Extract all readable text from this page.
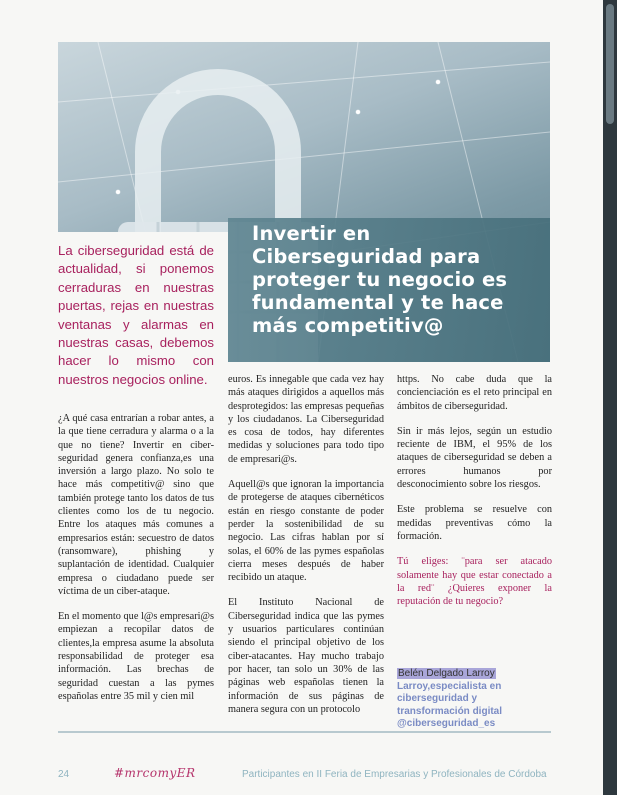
Invertir en Ciberseguridad para proteger tu negocio es fundamental y te hace más competitiv@
La ciberseguridad está de actualidad, si ponemos cerraduras en nuestras puertas, rejas en nuestras ventanas y alarmas en nuestras casas, debemos hacer lo mismo con nuestros negocios online.

¿A qué casa entrarían a robar antes, a la que tiene cerradura y alarma o a la que no tiene? Invertir en ciber-seguridad genera confianza,es una inversión a largo plazo. No solo te hace más competitiv@ sino que también protege tanto los datos de tus clientes como los de tu negocio. Entre los ataques más comunes a empresarios están: secuestro de datos (ransomware), phishing y suplantación de identidad. Cualquier empresa o ciudadano puede ser víctima de un ciber-ataque.

En el momento que l@s empresari@s empiezan a recopilar datos de clientes,la empresa asume la absoluta responsabilidad de proteger esa información. Las brechas de seguridad cuestan a las pymes españolas entre 35 mil y cien mil

euros. Es innegable que cada vez hay más ataques dirigidos a aquellos más desprotegidos: las empresas pequeñas y los ciudadanos. La Ciberseguridad es cosa de todos, hay diferentes medidas y soluciones para todo tipo de empresari@s.

Aquell@s que ignoran la importancia de protegerse de ataques cibernéticos están en riesgo constante de poder perder la sostenibilidad de su negocio. Las cifras hablan por sí solas, el 60% de las pymes españolas cierra meses después de haber recibido un ataque.

El Instituto Nacional de Ciberseguridad indica que las pymes y usuarios particulares continúan siendo el principal objetivo de los ciber-atacantes. Hay mucho trabajo por hacer, tan solo un 30% de las páginas web españolas tienen la información de sus páginas de manera segura con un protocolo

https. No cabe duda que la concienciación es el reto principal en ámbitos de ciberseguridad.

Sin ir más lejos, según un estudio reciente de IBM, el 95% de los ataques de ciberseguridad se deben a errores humanos por desconocimiento sobre los riesgos.

Este problema se resuelve con medidas preventivas cómo la formación.

Tú eliges: ¨para ser atacado solamente hay que estar conectado a la red¨ ¿Quieres exponer la reputación de tu negocio?

Belén Delgado Larroy
Larroy,especialista en ciberseguridad y transformación digital @ciberseguridad_es
24	#mrcomyER	Participantes en II Feria de Empresarias y Profesionales de Córdoba
